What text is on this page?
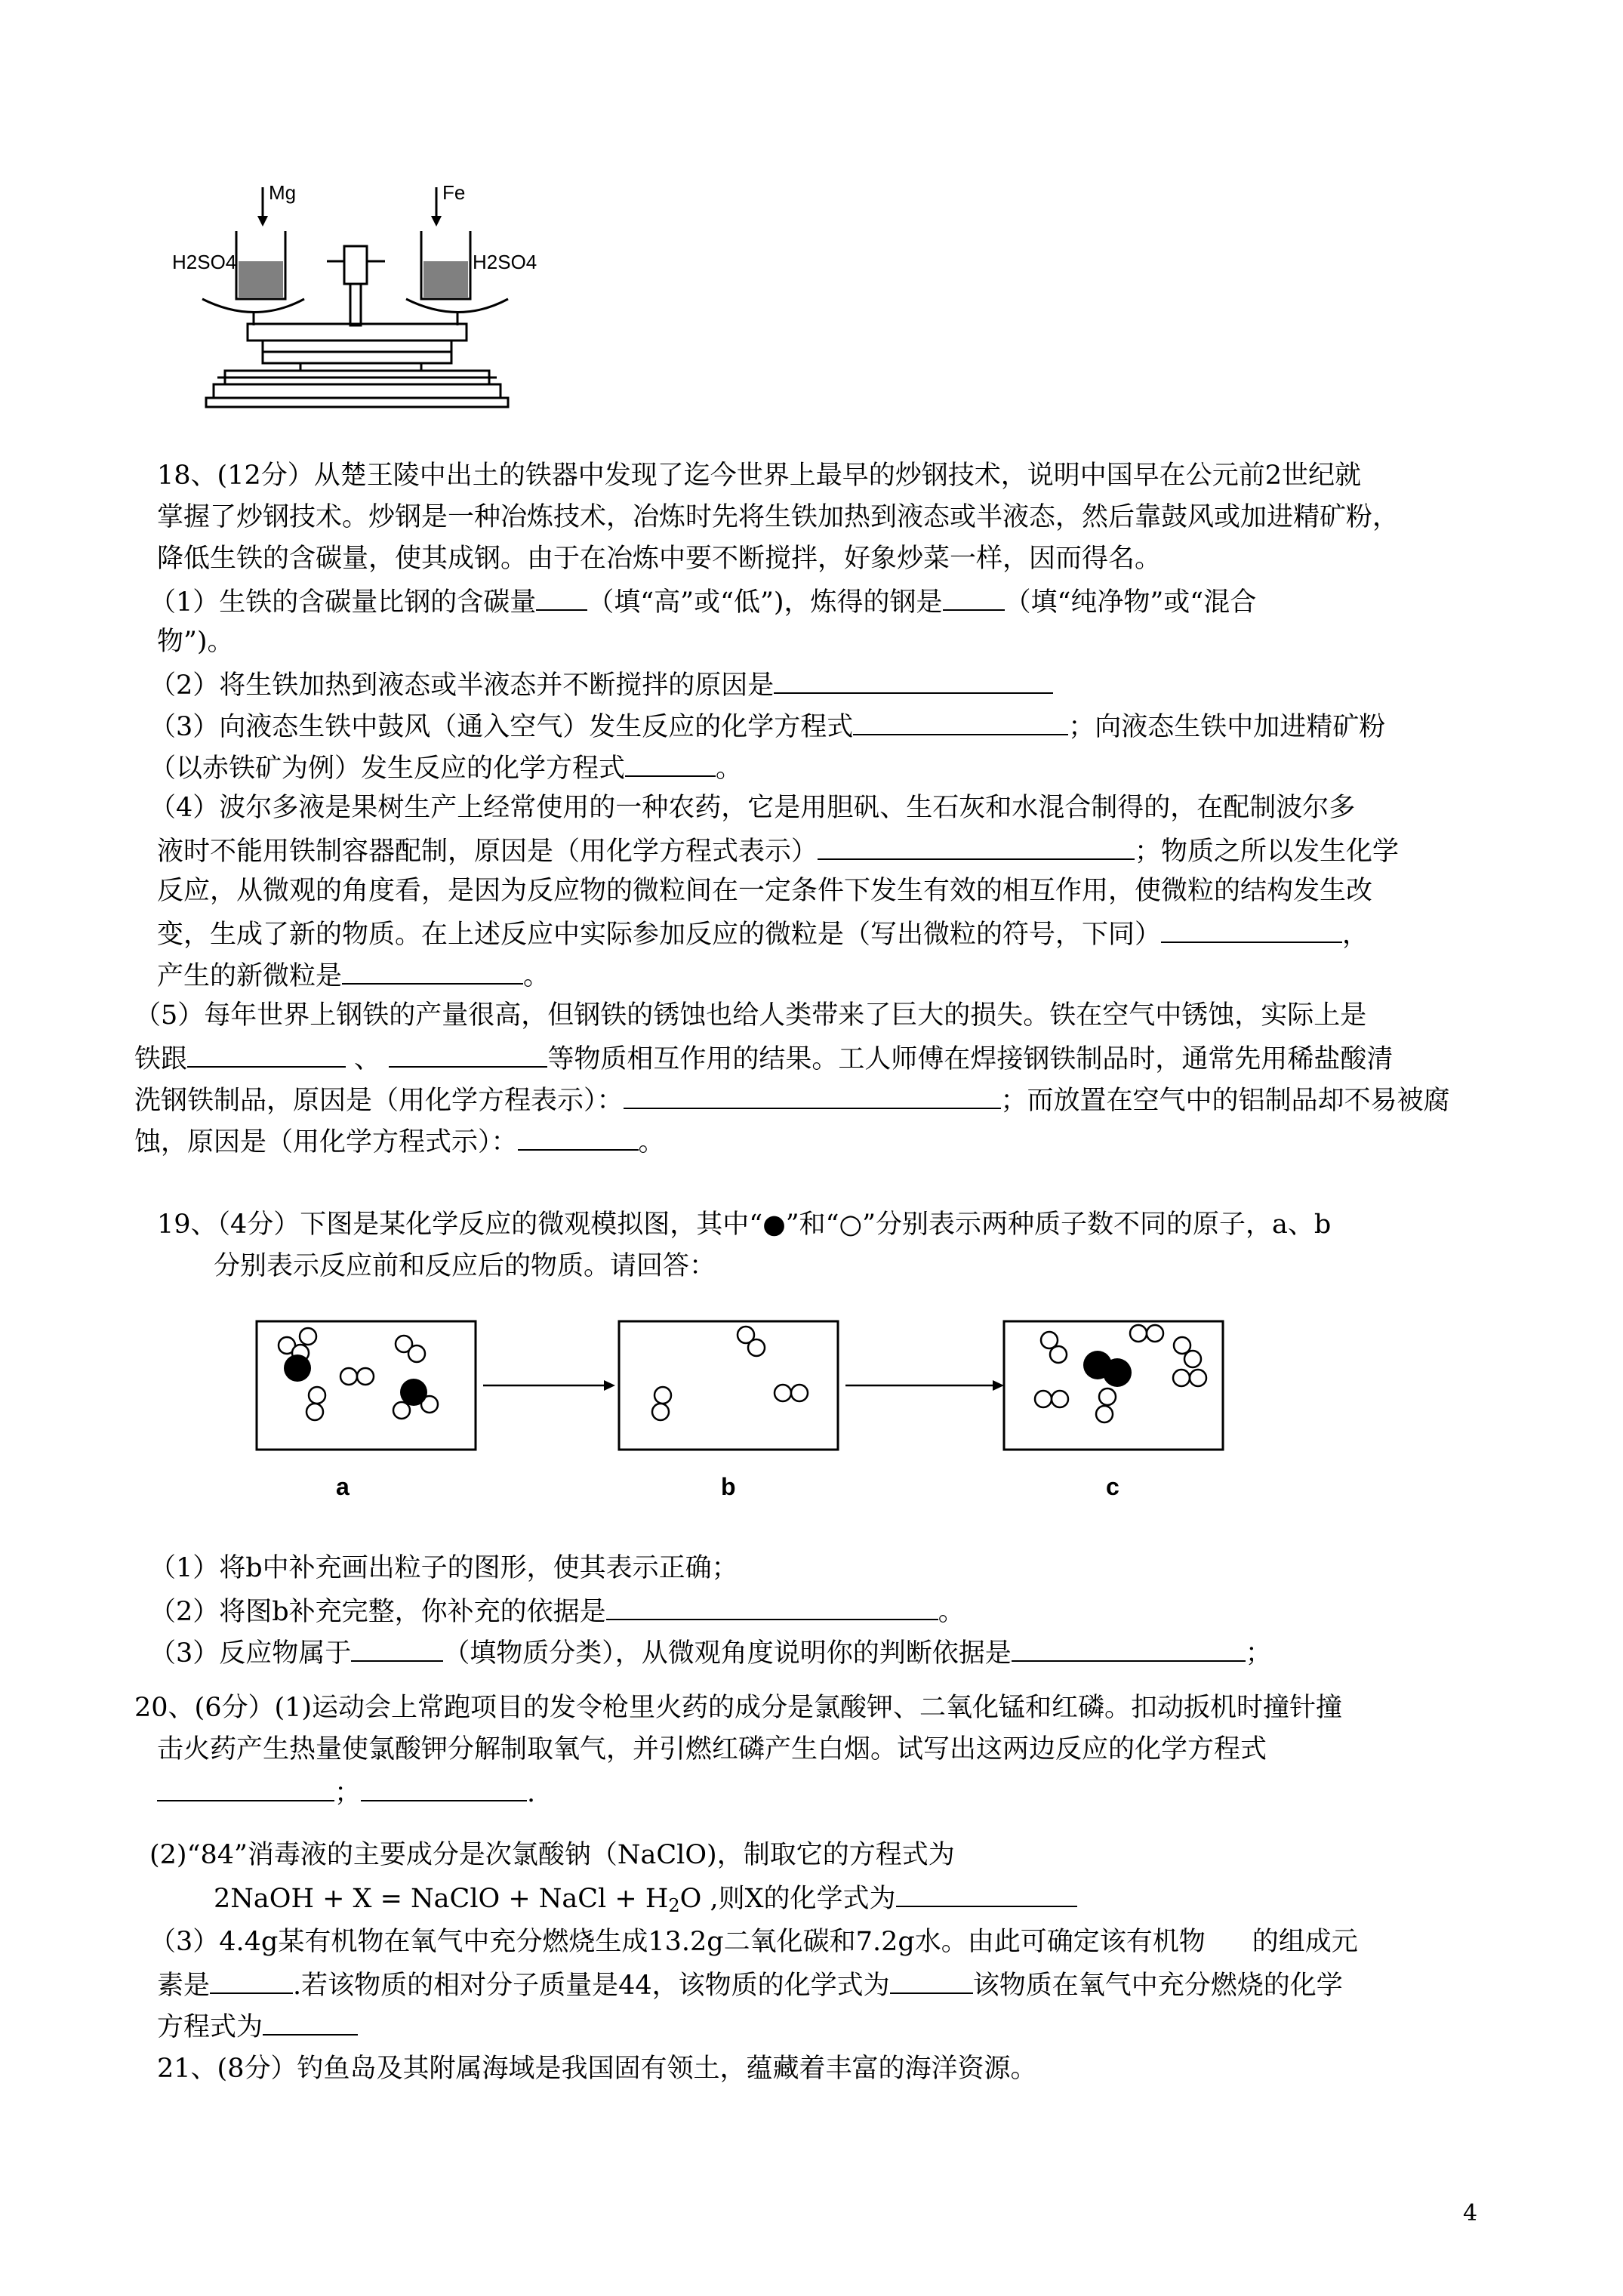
Mg	Fe
H2SO4	H2SO4
18、(12分）从楚王陵中出土的铁器中发现了迄今世界上最早的炒钢技术，说明中国早在公元前2世纪就
掌握了炒钢技术。炒钢是一种冶炼技术，冶炼时先将生铁加热到液态或半液态，然后靠鼓风或加进精矿粉，
降低生铁的含碳量，使其成钢。由于在冶炼中要不断搅拌，好象炒菜一样，因而得名。
（1）生铁的含碳量比钢的含碳量 （填“高”或“低”)，炼得的钢是 （填“纯净物”或“混合
物”)。
（2）将生铁加热到液态或半液态并不断搅拌的原因是
（3）向液态生铁中鼓风（通入空气）发生反应的化学方程式	；向液态生铁中加进精矿粉
（以赤铁矿为例）发生反应的化学方程式	。
（4）波尔多液是果树生产上经常使用的一种农药，它是用胆矾、生石灰和水混合制得的，在配制波尔多
液时不能用铁制容器配制，原因是（用化学方程式表示）	；物质之所以发生化学
反应，从微观的角度看，是因为反应物的微粒间在一定条件下发生有效的相互作用，使微粒的结构发生改
变，生成了新的物质。在上述反应中实际参加反应的微粒是（写出微粒的符号，下同）	，
产生的新微粒是	。
（5）每年世界上钢铁的产量很高，但钢铁的锈蚀也给人类带来了巨大的损失。铁在空气中锈蚀，实际上是
铁跟	、	等物质相互作用的结果。工人师傅在焊接钢铁制品时，通常先用稀盐酸清
洗钢铁制品，原因是（用化学方程表示）：	；而放置在空气中的铝制品却不易被腐
蚀，原因是（用化学方程式示）：	。
19、（4分）下图是某化学反应的微观模拟图，其中“●”和“○”分别表示两种质子数不同的原子，a、b
分别表示反应前和反应后的物质。请回答：
a	b	c
（1）将b中补充画出粒子的图形，使其表示正确；
（2）将图b补充完整，你补充的依据是	。
（3）反应物属于	（填物质分类），从微观角度说明你的判断依据是	；
20、(6分）(1)运动会上常跑项目的发令枪里火药的成分是氯酸钾、二氧化锰和红磷。扣动扳机时撞针撞
击火药产生热量使氯酸钾分解制取氧气，并引燃红磷产生白烟。试写出这两边反应的化学方程式
；	.
(2)“84”消毒液的主要成分是次氯酸钠（NaClO)，制取它的方程式为
2NaOH + X = NaClO + NaCl + $H_2O$ ,则X的化学式为
（3）4.4g某有机物在氧气中充分燃烧生成13.2g二氧化碳和7.2g水。由此可确定该有机物 的组成元
素是	.若该物质的相对分子质量是44，该物质的化学式为	该物质在氧气中充分燃烧的化学
方程式为
21、(8分）钓鱼岛及其附属海域是我国固有领土，蕴藏着丰富的海洋资源。
4
